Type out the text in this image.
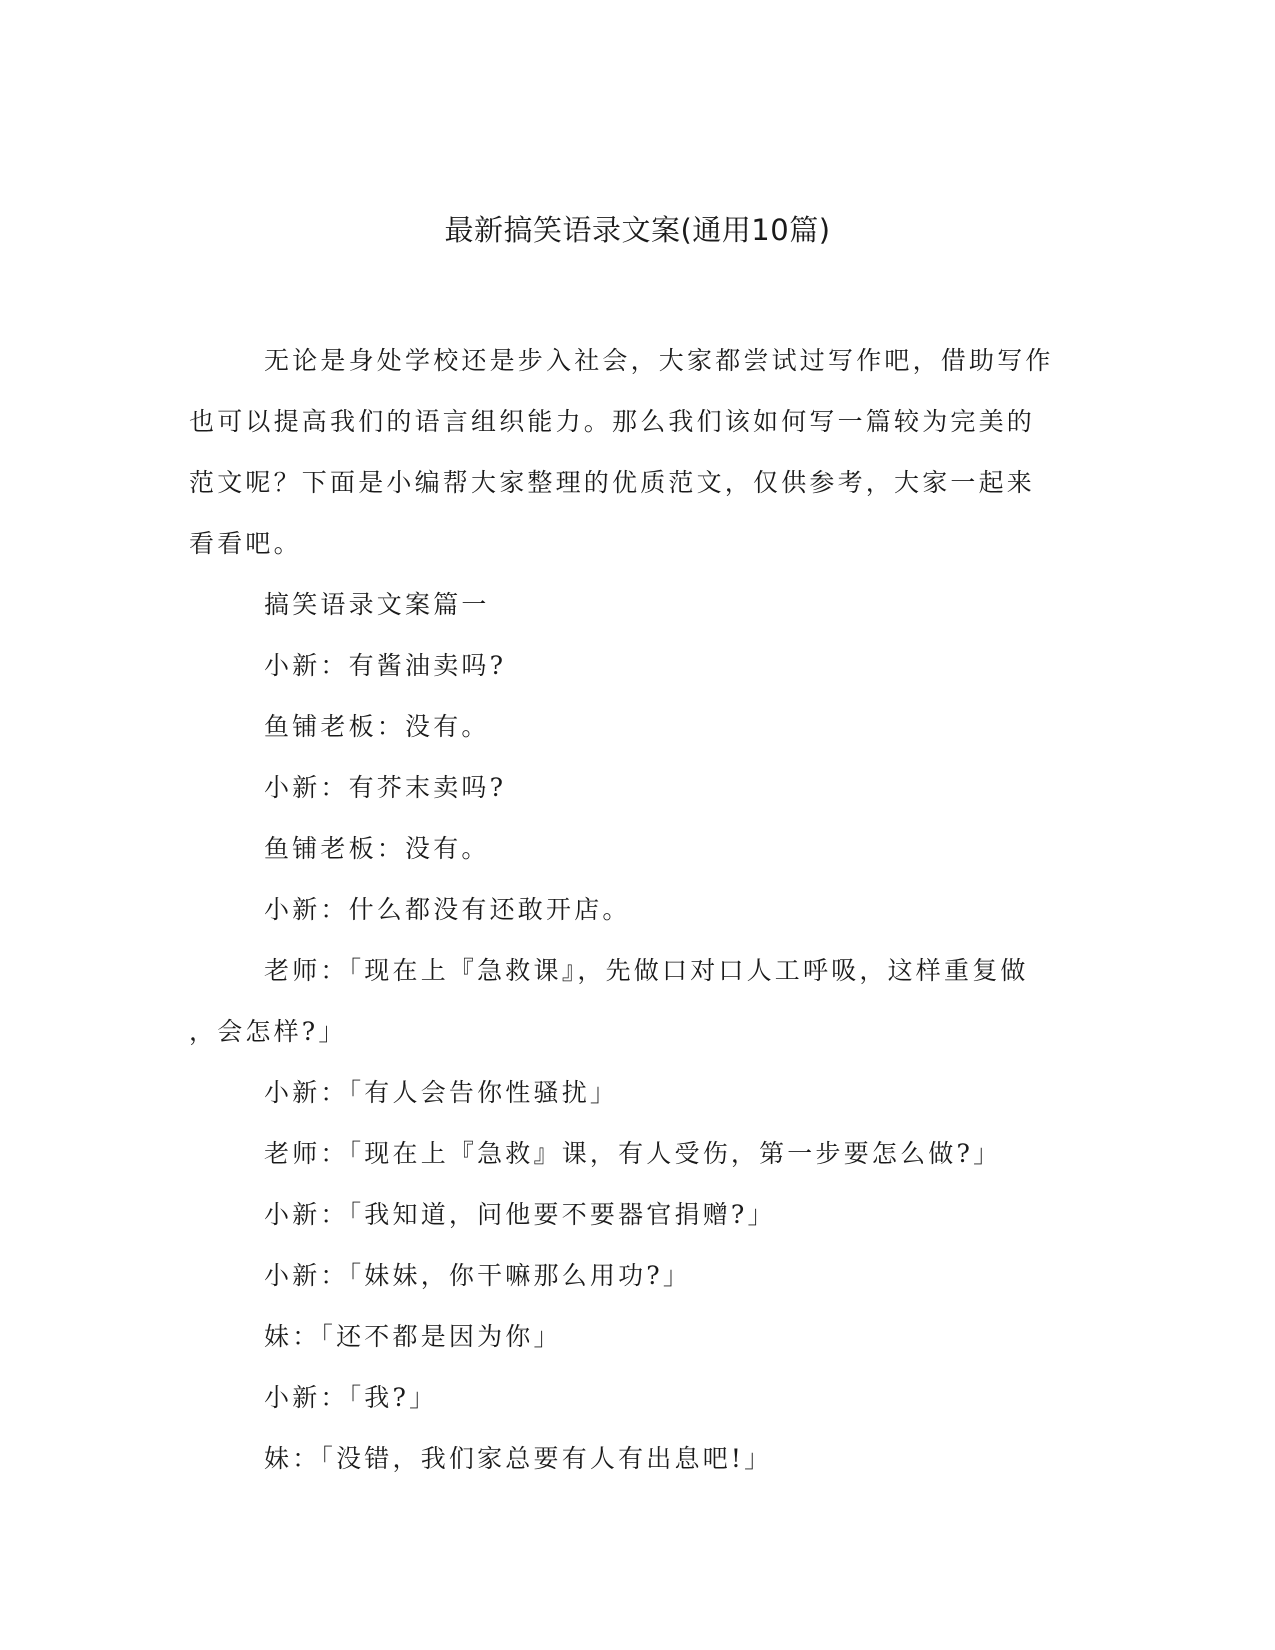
最新搞笑语录文案(通用10篇)

无论是身处学校还是步入社会，大家都尝试过写作吧，借助写作

也可以提高我们的语言组织能力。那么我们该如何写一篇较为完美的

范文呢？下面是小编帮大家整理的优质范文，仅供参考，大家一起来

看看吧。

搞笑语录文案篇一

小新：有酱油卖吗?

鱼铺老板：没有。

小新：有芥末卖吗?

鱼铺老板：没有。

小新：什么都没有还敢开店。

老师：「现在上『急救课』，先做口对口人工呼吸，这样重复做

，会怎样?」

小新：「有人会告你性骚扰」

老师：「现在上『急救』课，有人受伤，第一步要怎么做?」

小新：「我知道，问他要不要器官捐赠?」

小新：「妹妹，你干嘛那么用功?」

妹：「还不都是因为你」

小新：「我?」

妹：「没错，我们家总要有人有出息吧!」
